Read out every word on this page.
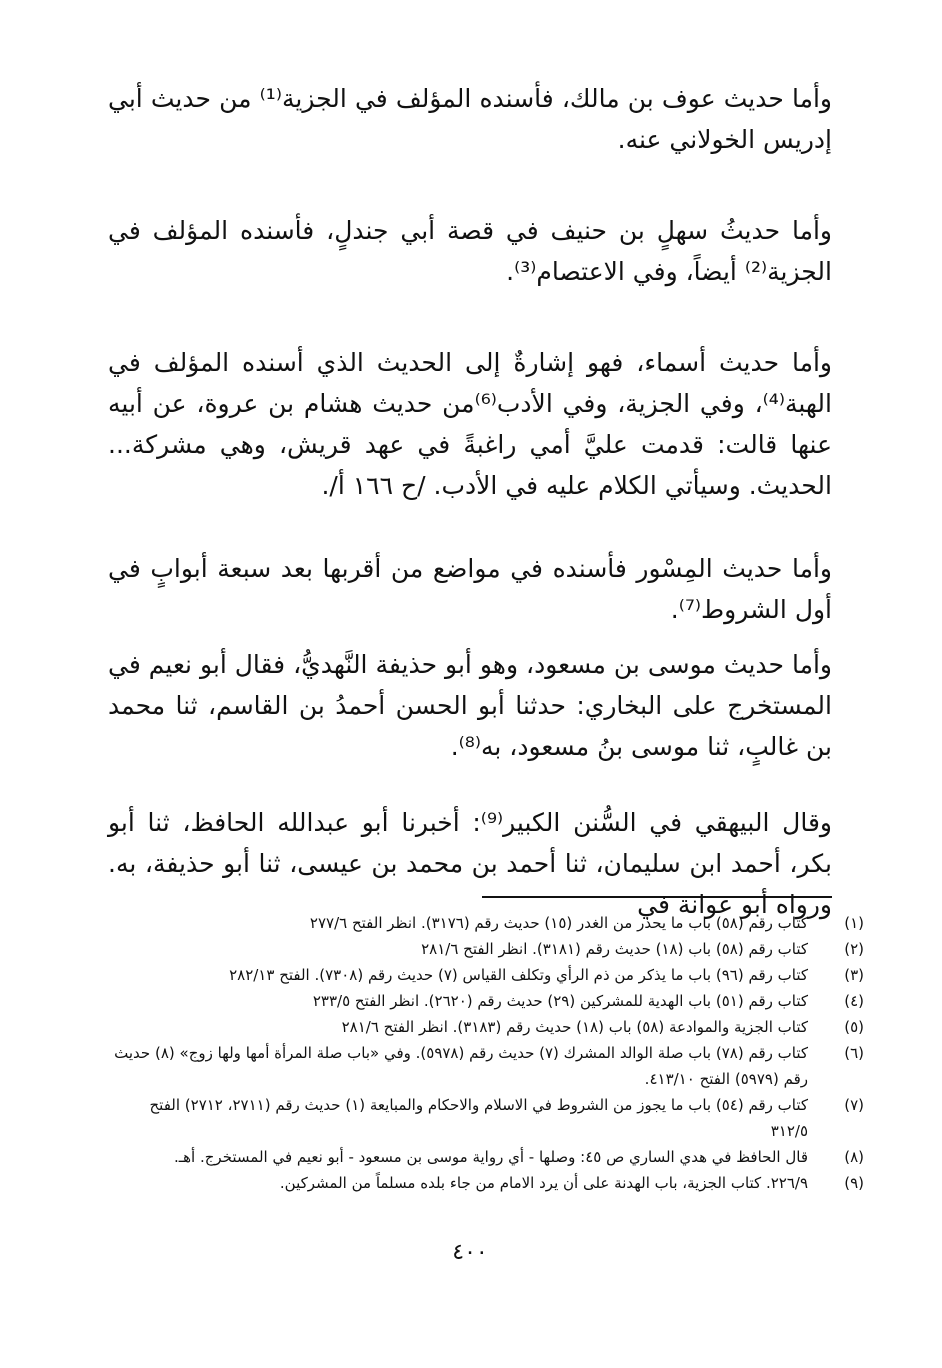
وأما حديث عوف بن مالك، فأسنده المؤلف في الجزية⁽¹⁾ من حديث أبي إدريس الخولاني عنه.

وأما حديثُ سهلٍ بن حنيف في قصة أبي جندلٍ، فأسنده المؤلف في الجزية⁽²⁾ أيضاً، وفي الاعتصام⁽³⁾.

وأما حديث أسماء، فهو إشارةٌ إلى الحديث الذي أسنده المؤلف في الهبة⁽⁴⁾، وفي الجزية، وفي الأدب⁽⁶⁾من حديث هشام بن عروة، عن أبيه عنها قالت: قدمت عليَّ أمي راغبةً في عهد قريش، وهي مشركة... الحديث. وسيأتي الكلام عليه في الأدب. /ح ١٦٦ أ/.

وأما حديث المِسْور فأسنده في مواضع من أقربها بعد سبعة أبوابٍ في أول الشروط⁽⁷⁾.

وأما حديث موسى بن مسعود، وهو أبو حذيفة النَّهديُّ، فقال أبو نعيم في المستخرج على البخاري: حدثنا أبو الحسن أحمدُ بن القاسم، ثنا محمد بن غالبٍ، ثنا موسى بنُ مسعود، به⁽⁸⁾.

وقال البيهقي في السُّنن الكبير⁽⁹⁾: أخبرنا أبو عبدالله الحافظ، ثنا أبو بكر، أحمد ابن سليمان، ثنا أحمد بن محمد بن عيسى، ثنا أبو حذيفة، به. ورواه أبو عوانة في

(١)
كتاب رقم (٥٨) باب ما يحذر من الغدر (١٥) حديث رقم (٣١٧٦). انظر الفتح ٢٧٧/٦
(٢)
كتاب رقم (٥٨) باب (١٨) حديث رقم (٣١٨١). انظر الفتح ٢٨١/٦
(٣)
كتاب رقم (٩٦) باب ما يذكر من ذم الرأي وتكلف القياس (٧) حديث رقم (٧٣٠٨). الفتح ٢٨٢/١٣
(٤)
كتاب رقم (٥١) باب الهدية للمشركين (٢٩) حديث رقم (٢٦٢٠). انظر الفتح ٢٣٣/٥
(٥)
كتاب الجزية والموادعة (٥٨) باب (١٨) حديث رقم (٣١٨٣). انظر الفتح ٢٨١/٦
(٦)
كتاب رقم (٧٨) باب صلة الوالد المشرك (٧) حديث رقم (٥٩٧٨). وفي «باب صلة المرأة أمها ولها زوج» (٨) حديث رقم (٥٩٧٩) الفتح ٤١٣/١٠.
(٧)
كتاب رقم (٥٤) باب ما يجوز من الشروط في الاسلام والاحكام والمبايعة (١) حديث رقم (٢٧١١، ٢٧١٢) الفتح ٣١٢/٥
(٨)
قال الحافظ في هدي الساري ص ٤٥: وصلها - أي رواية موسى بن مسعود - أبو نعيم في المستخرج. أهـ.
(٩)
٢٢٦/٩. كتاب الجزية، باب الهدنة على أن يرد الامام من جاء بلده مسلماً من المشركين.
٤٠٠
